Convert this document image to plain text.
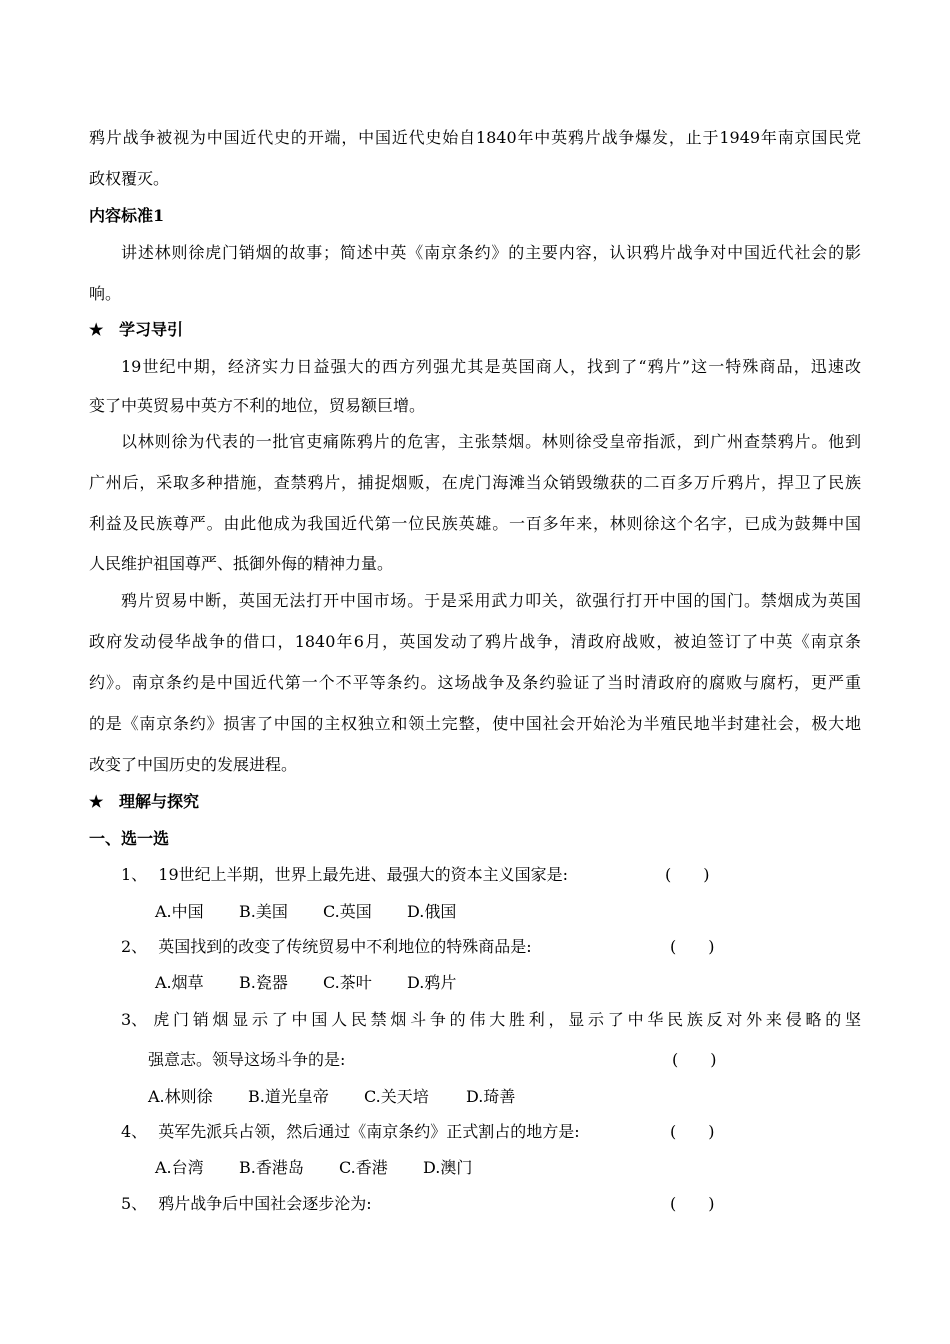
鸦片战争被视为中国近代史的开端，中国近代史始自1840年中英鸦片战争爆发，止于1949年南京国民党
政权覆灭。
内容标准1
讲述林则徐虎门销烟的故事；简述中英《南京条约》的主要内容，认识鸦片战争对中国近代社会的影
响。
★ 学习导引
19世纪中期，经济实力日益强大的西方列强尤其是英国商人，找到了“鸦片”这一特殊商品，迅速改
变了中英贸易中英方不利的地位，贸易额巨增。
以林则徐为代表的一批官吏痛陈鸦片的危害，主张禁烟。林则徐受皇帝指派，到广州查禁鸦片。他到
广州后，采取多种措施，查禁鸦片，捕捉烟贩，在虎门海滩当众销毁缴获的二百多万斤鸦片，捍卫了民族
利益及民族尊严。由此他成为我国近代第一位民族英雄。一百多年来，林则徐这个名字，已成为鼓舞中国
人民维护祖国尊严、抵御外侮的精神力量。
鸦片贸易中断，英国无法打开中国市场。于是采用武力叩关，欲强行打开中国的国门。禁烟成为英国
政府发动侵华战争的借口，1840年6月，英国发动了鸦片战争，清政府战败，被迫签订了中英《南京条
约》。南京条约是中国近代第一个不平等条约。这场战争及条约验证了当时清政府的腐败与腐朽，更严重
的是《南京条约》损害了中国的主权独立和领土完整，使中国社会开始沦为半殖民地半封建社会，极大地
改变了中国历史的发展进程。
★ 理解与探究
一、选一选
1、 19世纪上半期，世界上最先进、最强大的资本主义国家是:	(　　)
A.中国 B.美国 C.英国 D.俄国
2、 英国找到的改变了传统贸易中不利地位的特殊商品是:	(　　)
A.烟草 B.瓷器 C.茶叶 D.鸦片
3、 虎门销烟显示了中国人民禁烟斗争的伟大胜利，显示了中华民族反对外来侵略的坚
强意志。领导这场斗争的是:	(　　)
A.林则徐 B.道光皇帝 C.关天培 D.琦善
4、 英军先派兵占领，然后通过《南京条约》正式割占的地方是:	(　　)
A.台湾 B.香港岛 C.香港 D.澳门
5、 鸦片战争后中国社会逐步沦为:	(　　)
